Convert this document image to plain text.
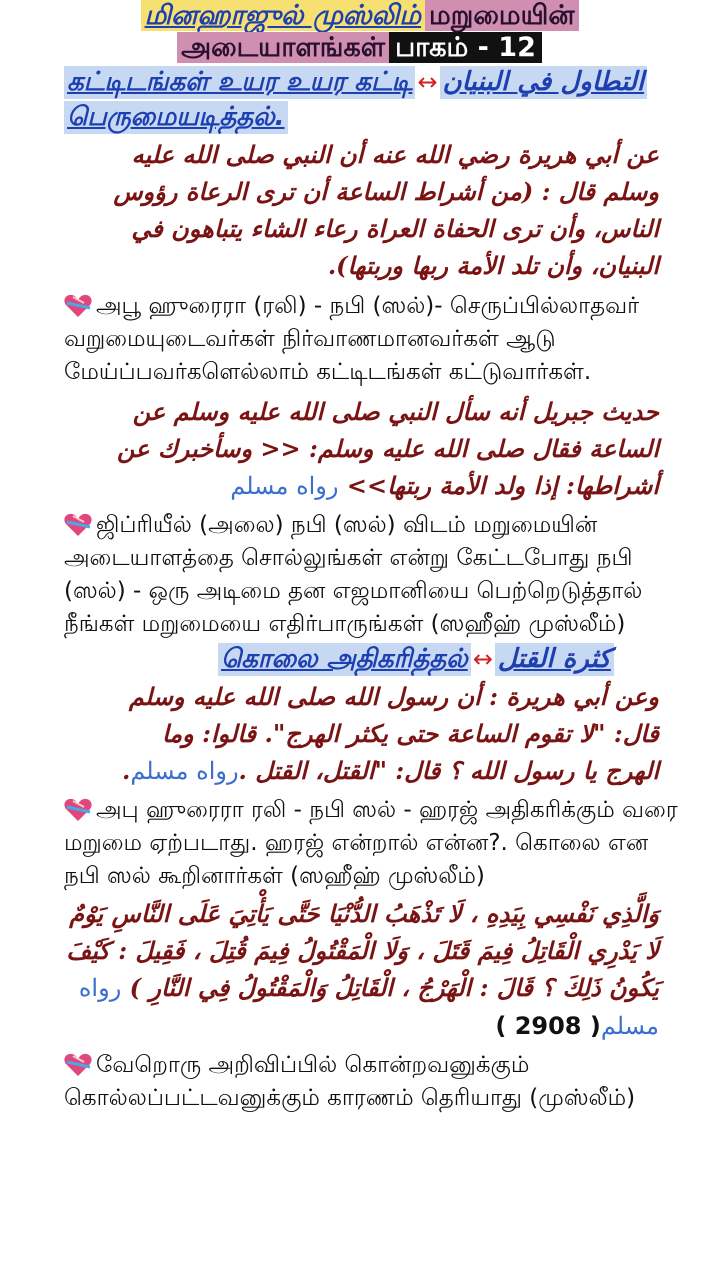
மினஹாஜுல் முஸ்லிம் மறுமையின்
அடையாளங்கள் பாகம் - 12
கட்டிடங்கள் உயர உயர கட்டி ↔ التطاول في البنيان
பெருமையடித்தல்.
عن أبي هريرة رضي الله عنه أن النبي صلى الله عليه وسلم قال : (من أشراط الساعة أن ترى الرعاة رؤوس الناس، وأن ترى الحفاة العراة رعاء الشاء يتباهون في البنيان، وأن تلد الأمة ربها وربتها).
அபூ ஹுரைரா (ரலி) - நபி (ஸல்)- செருப்பில்லாதவர் வறுமையுடைவர்கள் நிர்வாணமானவர்கள் ஆடு மேய்ப்பவர்களெல்லாம் கட்டிடங்கள் கட்டுவார்கள்.
حديث جبريل أنه سأل النبي صلى الله عليه وسلم عن الساعة فقال صلى الله عليه وسلم: << وسأخبرك عن أشراطها: إذا ولد الأمة ربتها>> رواه مسلم
ஜிப்ரியீல் (அலை) நபி (ஸல்) விடம் மறுமையின் அடையாளத்தை சொல்லுங்கள் என்று கேட்டபோது நபி (ஸல்) - ஒரு அடிமை தன எஜமானியை பெற்றெடுத்தால் நீங்கள் மறுமையை எதிர்பாருங்கள் (ஸஹீஹ் முஸ்லீம்)
கொலை அதிகரித்தல் ↔ كثرة القتل
وعن أبي هريرة : أن رسول الله صلى الله عليه وسلم قال: "لا تقوم الساعة حتى يكثر الهرج". قالوا: وما الهرج يا رسول الله ؟ قال: "القتل، القتل .رواه مسلم.
அபு ஹுரைரா ரலி - நபி ஸல் - ஹரஜ் அதிகரிக்கும் வரை மறுமை ஏற்படாது. ஹரஜ் என்றால் என்ன?. கொலை என நபி ஸல் கூறினார்கள் (ஸஹீஹ் முஸ்லீம்)
وَالَّذِي نَفْسِي بِيَدِهِ ، لَا تَذْهَبُ الدُّنْيَا حَتَّى يَأْتِيَ عَلَى النَّاسِ يَوْمٌ لَا يَدْرِي الْقَاتِلُ فِيمَ قَتَلَ ، وَلَا الْمَقْتُولُ فِيمَ قُتِلَ ، فَقِيلَ : كَيْفَ يَكُونُ ذَلِكَ ؟ قَالَ : الْهَرْجُ ، الْقَاتِلُ وَالْمَقْتُولُ فِي النَّارِ ) رواه مسلم( 2908 )
வேறொரு அறிவிப்பில் கொன்றவனுக்கும் கொல்லப்பட்டவனுக்கும் காரணம் தெரியாது (முஸ்லீம்)
